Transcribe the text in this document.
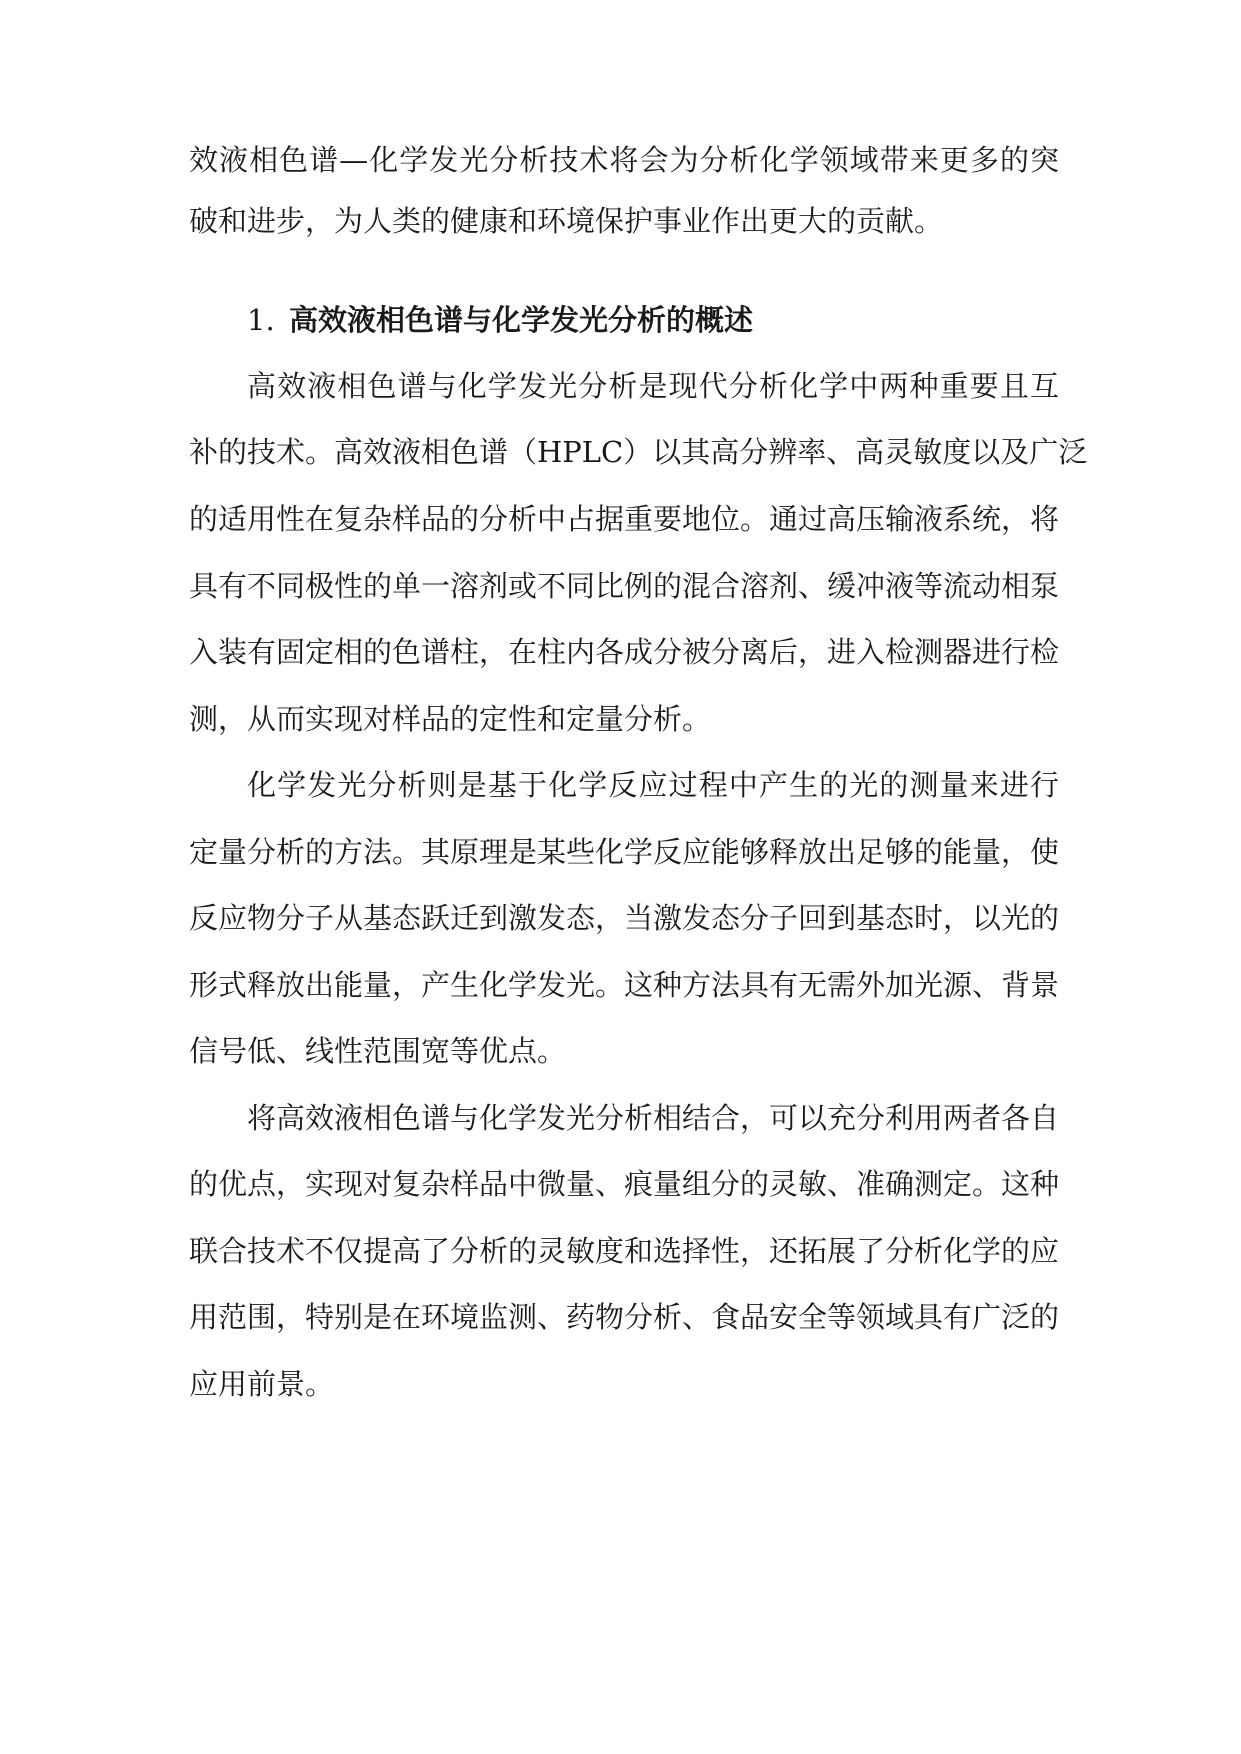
效液相色谱—化学发光分析技术将会为分析化学领域带来更多的突
破和进步，为人类的健康和环境保护事业作出更大的贡献。
1. 高效液相色谱与化学发光分析的概述
高效液相色谱与化学发光分析是现代分析化学中两种重要且互
补的技术。高效液相色谱（HPLC）以其高分辨率、高灵敏度以及广泛
的适用性在复杂样品的分析中占据重要地位。通过高压输液系统，将
具有不同极性的单一溶剂或不同比例的混合溶剂、缓冲液等流动相泵
入装有固定相的色谱柱，在柱内各成分被分离后，进入检测器进行检
测，从而实现对样品的定性和定量分析。
化学发光分析则是基于化学反应过程中产生的光的测量来进行
定量分析的方法。其原理是某些化学反应能够释放出足够的能量，使
反应物分子从基态跃迁到激发态，当激发态分子回到基态时，以光的
形式释放出能量，产生化学发光。这种方法具有无需外加光源、背景
信号低、线性范围宽等优点。
将高效液相色谱与化学发光分析相结合，可以充分利用两者各自
的优点，实现对复杂样品中微量、痕量组分的灵敏、准确测定。这种
联合技术不仅提高了分析的灵敏度和选择性，还拓展了分析化学的应
用范围，特别是在环境监测、药物分析、食品安全等领域具有广泛的
应用前景。
